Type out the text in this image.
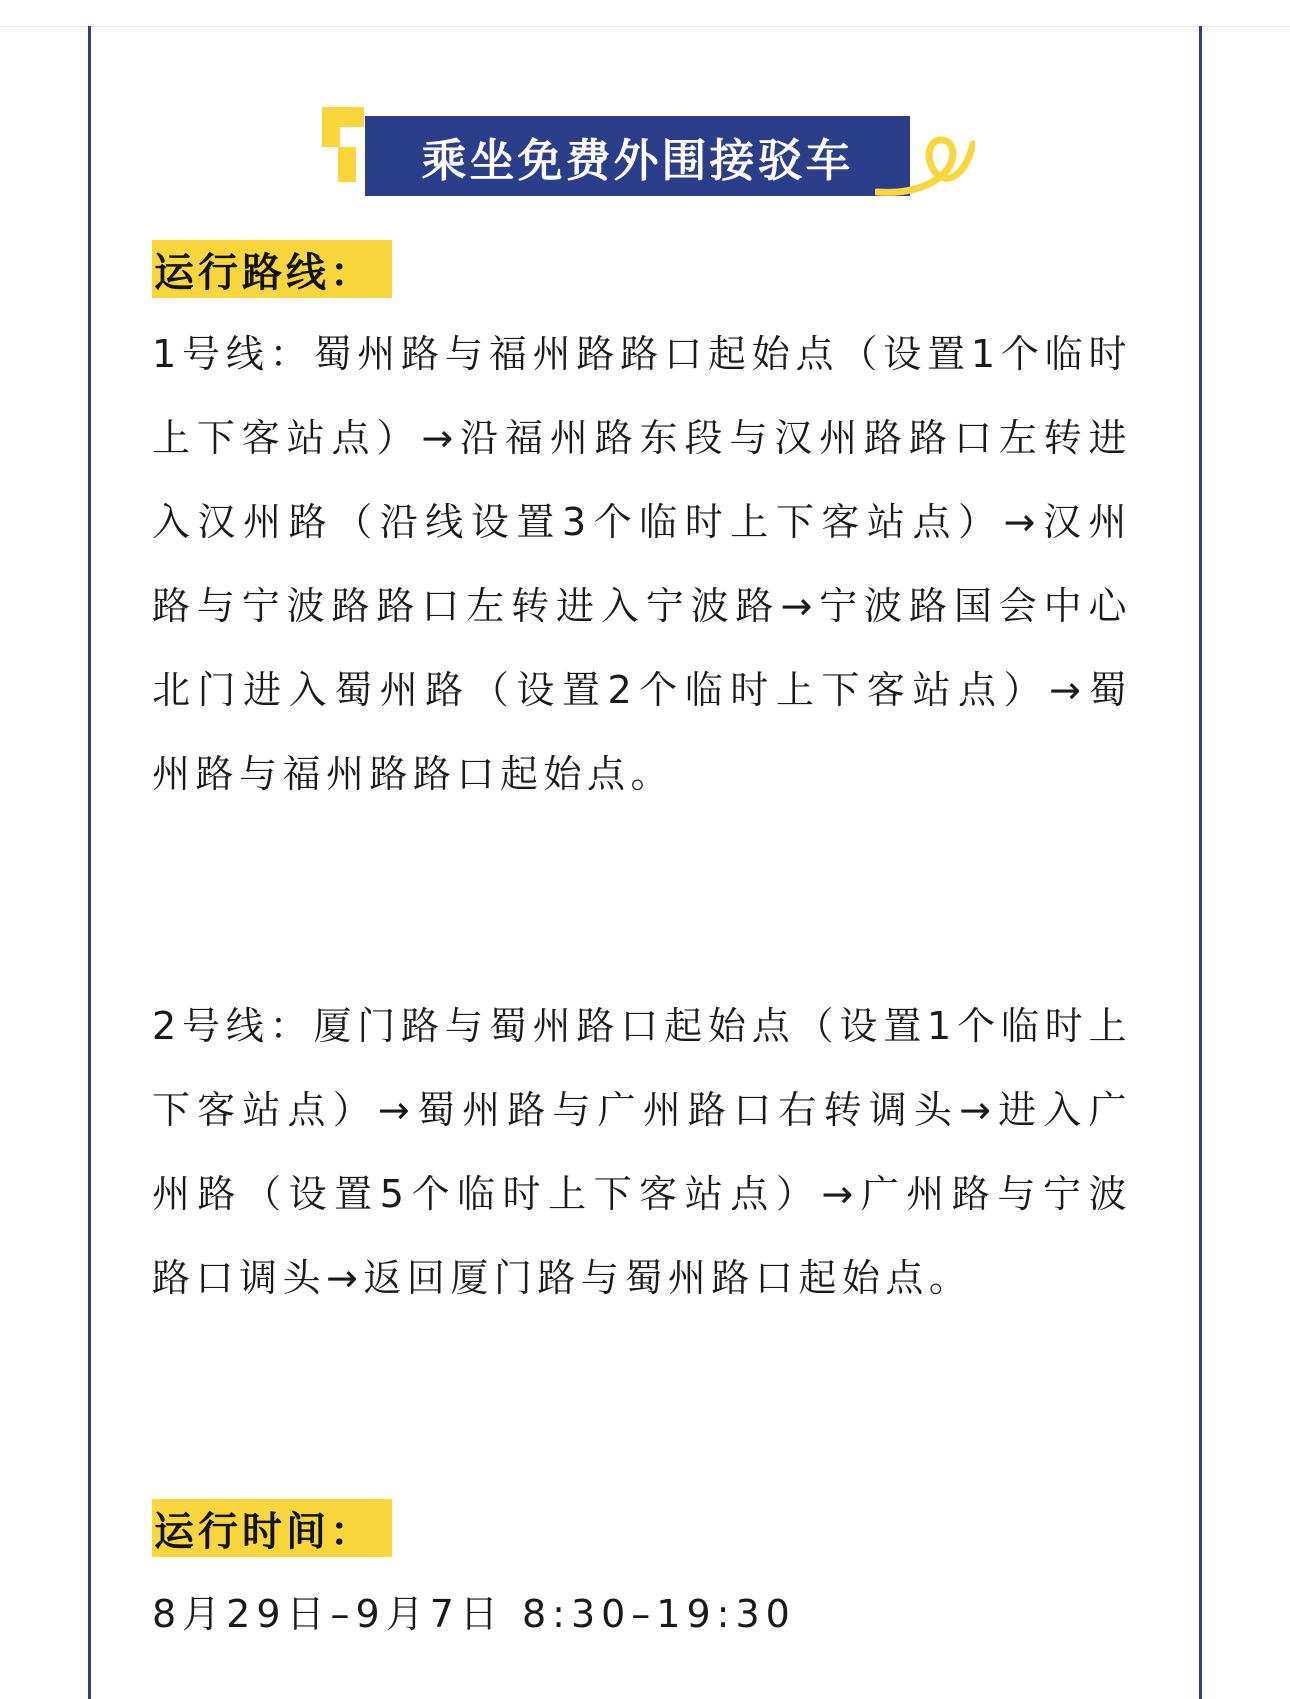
乘坐免费外围接驳车
运行路线：

1号线：蜀州路与福州路路口起始点（设置1个临时上下客站点）→沿福州路东段与汉州路路口左转进入汉州路（沿线设置3个临时上下客站点）→汉州路与宁波路路口左转进入宁波路→宁波路国会中心北门进入蜀州路（设置2个临时上下客站点）→蜀州路与福州路路口起始点。

2号线：厦门路与蜀州路口起始点（设置1个临时上下客站点）→蜀州路与广州路口右转调头→进入广州路（设置5个临时上下客站点）→广州路与宁波路口调头→返回厦门路与蜀州路口起始点。

运行时间：

8月29日–9月7日 8:30–19:30
